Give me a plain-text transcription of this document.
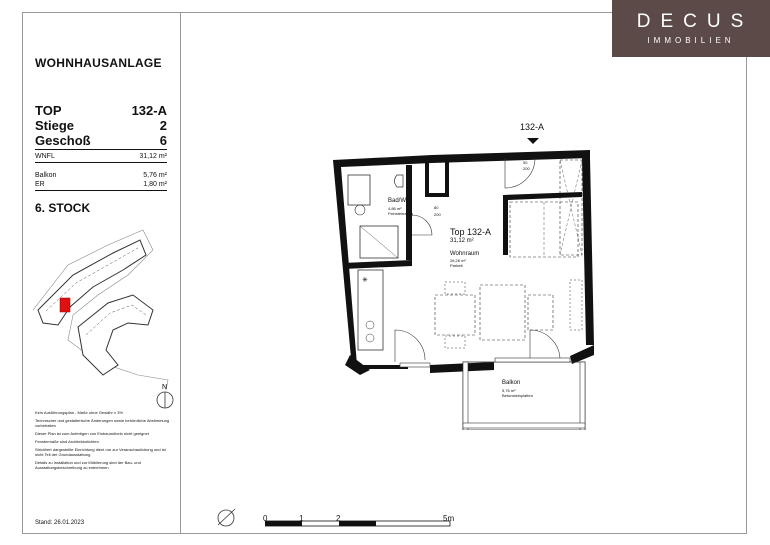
DECUS
IMMOBILIEN
WOHNHAUSANLAGE
TOP	132-A
Stiege	2
Geschoß	6
WNFL	31,12 m²
Balkon	5,76 m²
ER	1,80 m²
6. STOCK
N

Kein Ausführungsplan - Maße ohne Gewähr ± 3%

Technischer und gestalterische Änderungen sowie behördliche Abstimmung vorbehalten

Dieser Plan ist zum Anfertigen von Einbaumöbeln nicht geeignet

Fenstermaße sind Architekturlichten

Strichliert dargestellte Einrichtung dient nur zur Veranschaulichung und ist nicht Teil der Grundausstattung

Details zu Installation und zur Möblierung sind der Bau- und Ausstattungsbeschreibung zu entnehmen

Stand: 26.01.2023
132-A
✳
Bad/WC
4,86 m²
Feinsteinzeug
80
200
90
200
Top 132-A
31,12 m²
Wohnraum
26,26 m²
Parkett
Balkon
5,76 m²
Betonsteinplatten
0	1	2	5m
